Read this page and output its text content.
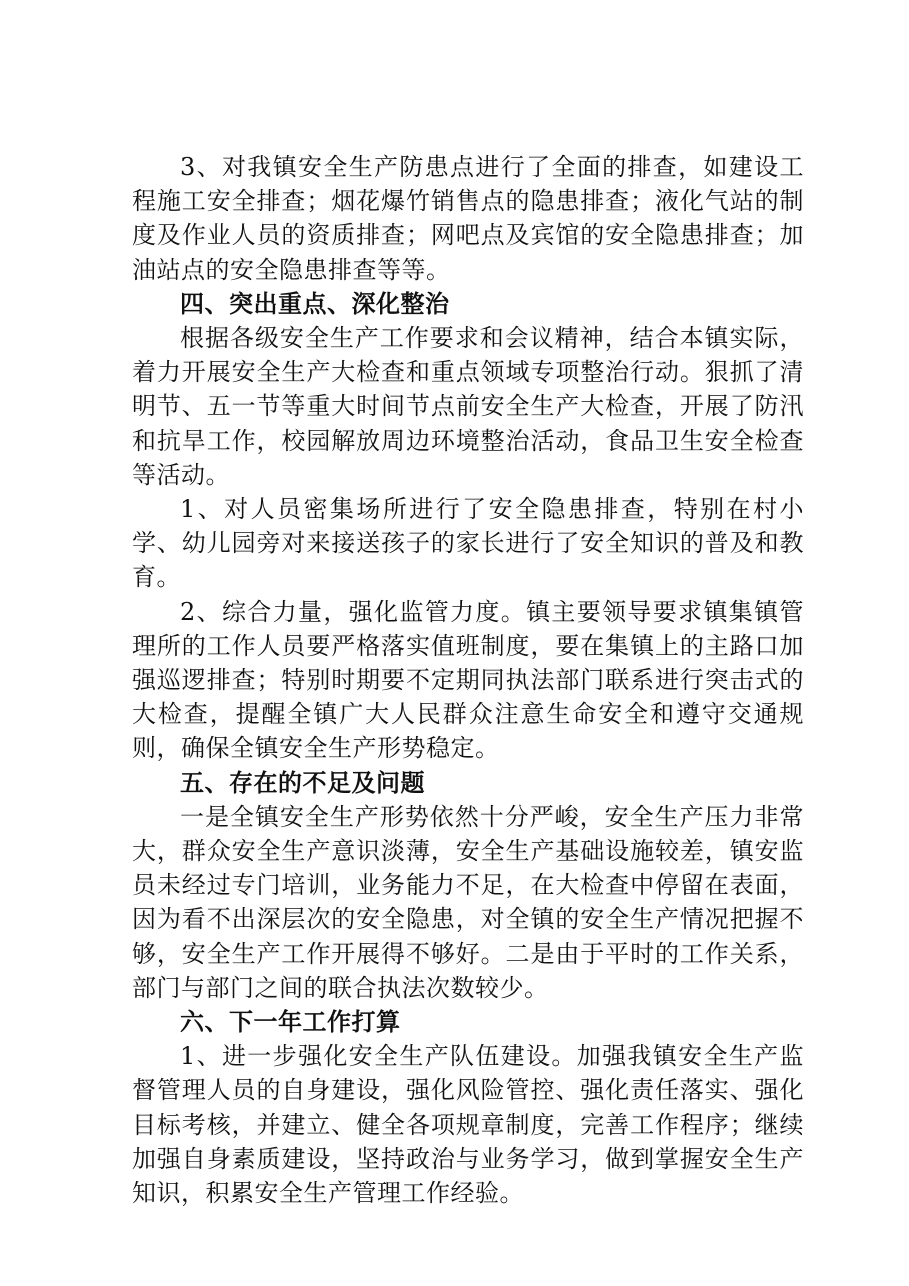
3、对我镇安全生产防患点进行了全面的排查，如建设工程施工安全排查；烟花爆竹销售点的隐患排查；液化气站的制度及作业人员的资质排查；网吧点及宾馆的安全隐患排查；加油站点的安全隐患排查等等。

四、突出重点、深化整治

根据各级安全生产工作要求和会议精神，结合本镇实际，着力开展安全生产大检查和重点领域专项整治行动。狠抓了清明节、五一节等重大时间节点前安全生产大检查，开展了防汛和抗旱工作，校园解放周边环境整治活动，食品卫生安全检查等活动。

1、对人员密集场所进行了安全隐患排查，特别在村小学、幼儿园旁对来接送孩子的家长进行了安全知识的普及和教育。

2、综合力量，强化监管力度。镇主要领导要求镇集镇管理所的工作人员要严格落实值班制度，要在集镇上的主路口加强巡逻排查；特别时期要不定期同执法部门联系进行突击式的大检查，提醒全镇广大人民群众注意生命安全和遵守交通规则，确保全镇安全生产形势稳定。

五、存在的不足及问题

一是全镇安全生产形势依然十分严峻，安全生产压力非常大，群众安全生产意识淡薄，安全生产基础设施较差，镇安监员未经过专门培训，业务能力不足，在大检查中停留在表面，因为看不出深层次的安全隐患，对全镇的安全生产情况把握不够，安全生产工作开展得不够好。二是由于平时的工作关系，部门与部门之间的联合执法次数较少。

六、下一年工作打算

1、进一步强化安全生产队伍建设。加强我镇安全生产监督管理人员的自身建设，强化风险管控、强化责任落实、强化目标考核，并建立、健全各项规章制度，完善工作程序；继续加强自身素质建设，坚持政治与业务学习，做到掌握安全生产知识，积累安全生产管理工作经验。
